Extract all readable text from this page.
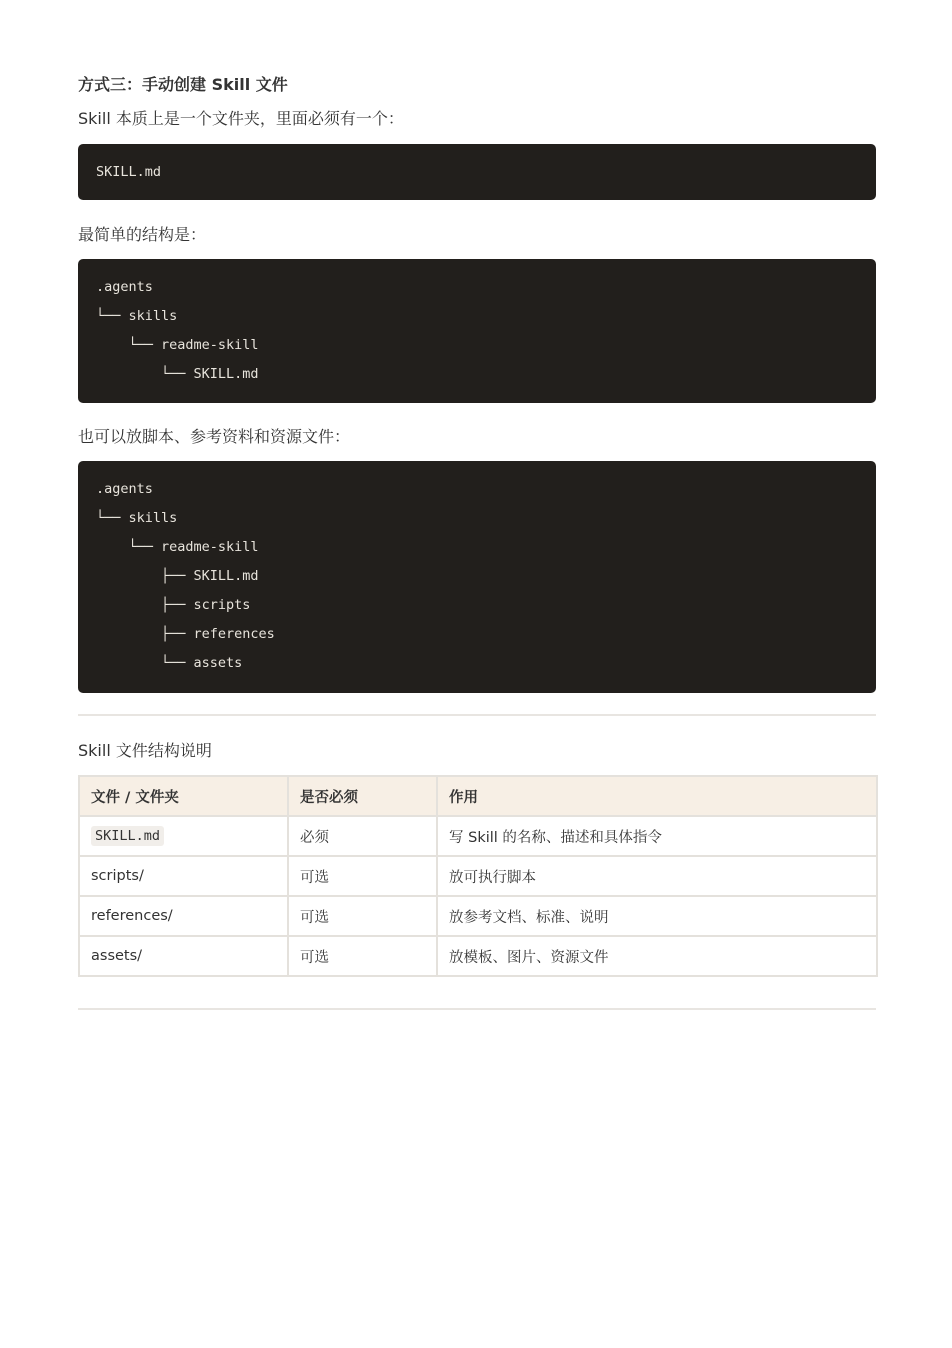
方式三：手动创建 Skill 文件
Skill 本质上是一个文件夹，里面必须有一个：
SKILL.md
最简单的结构是：
.agents
└── skills
└── readme-skill
└── SKILL.md
也可以放脚本、参考资料和资源文件：
.agents
└── skills
└── readme-skill
├── SKILL.md
├── scripts
├── references
└── assets
Skill 文件结构说明
文件 / 文件夹	是否必须	作用
SKILL.md	必须	写 Skill 的名称、描述和具体指令
scripts/	可选	放可执行脚本
references/	可选	放参考文档、标准、说明
assets/	可选	放模板、图片、资源文件
